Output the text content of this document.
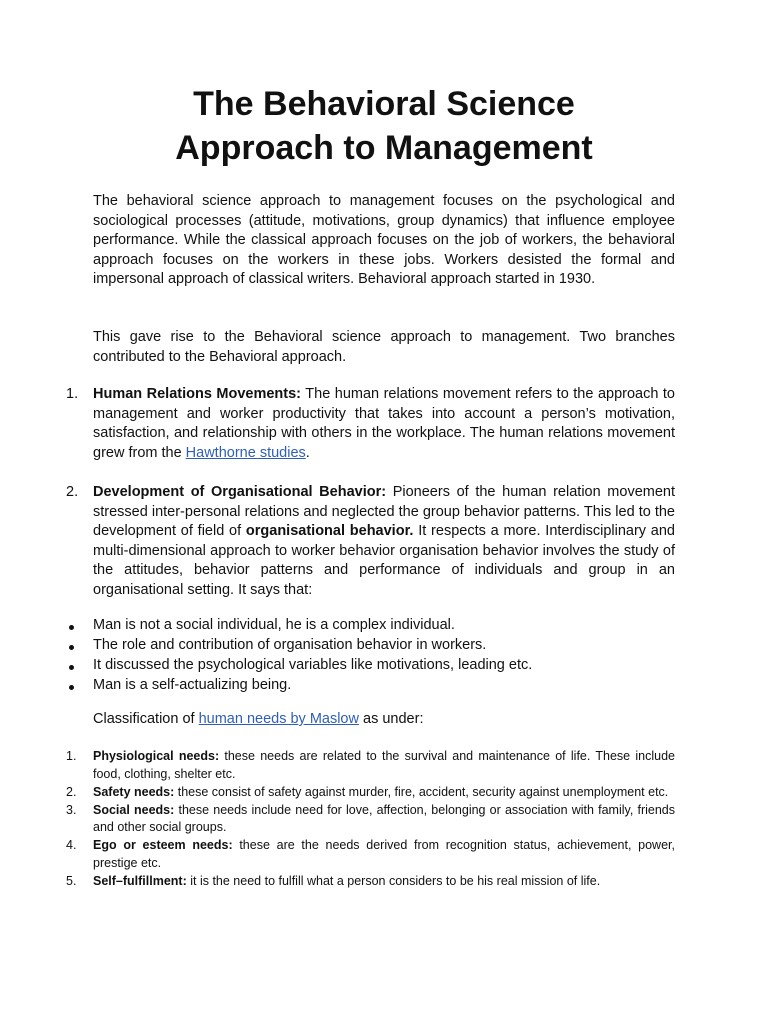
The Behavioral Science
Approach to Management

The behavioral science approach to management focuses on the psychological and sociological processes (attitude, motivations, group dynamics) that influence employee performance. While the classical approach focuses on the job of workers, the behavioral approach focuses on the workers in these jobs. Workers desisted the formal and impersonal approach of classical writers. Behavioral approach started in 1930.

This gave rise to the Behavioral science approach to management. Two branches contributed to the Behavioral approach.

1.	Human Relations Movements: The human relations movement refers to the approach to management and worker productivity that takes into account a person’s motivation, satisfaction, and relationship with others in the workplace. The human relations movement grew from the Hawthorne studies.
2.	Development of Organisational Behavior: Pioneers of the human relation movement stressed inter-personal relations and neglected the group behavior patterns. This led to the development of field of organisational behavior. It respects a more. Interdisciplinary and multi-dimensional approach to worker behavior organisation behavior involves the study of the attitudes, behavior patterns and performance of individuals and group in an organisational setting. It says that:
Man is not a social individual, he is a complex individual.
The role and contribution of organisation behavior in workers.
It discussed the psychological variables like motivations, leading etc.
Man is a self-actualizing being.
Classification of human needs by Maslow as under:
1.	Physiological needs: these needs are related to the survival and maintenance of life. These include food, clothing, shelter etc.
2.	Safety needs: these consist of safety against murder, fire, accident, security against unemployment etc.
3.	Social needs: these needs include need for love, affection, belonging or association with family, friends and other social groups.
4.	Ego or esteem needs: these are the needs derived from recognition status, achievement, power, prestige etc.
5.	Self–fulfillment: it is the need to fulfill what a person considers to be his real mission of life.
